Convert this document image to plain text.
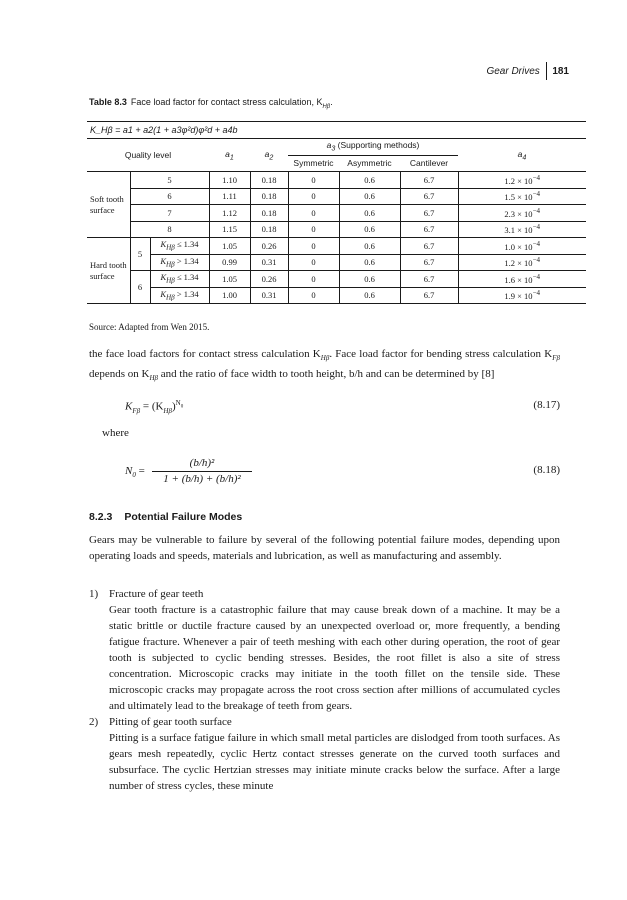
Gear Drives 181
Table 8.3 Face load factor for contact stress calculation, $K_{H\beta}$.
K_Hβ = a1 + a2(1 + a3φ²d)φ²d + a4b
Quality level			$a_1$	$a_2$	$a_3$ (Supporting methods)			$a_4$
					Symmetric	Asymmetric	Cantilever	
Soft tooth surface	5		1.10	0.18	0	0.6	6.7	$1.2 \times 10^{-4}$
	6		1.11	0.18	0	0.6	6.7	$1.5 \times 10^{-4}$
	7		1.12	0.18	0	0.6	6.7	$2.3 \times 10^{-4}$
	8		1.15	0.18	0	0.6	6.7	$3.1 \times 10^{-4}$
Hard tooth surface	5	$K_{H\beta} \le 1.34$	1.05	0.26	0	0.6	6.7	$1.0 \times 10^{-4}$
		$K_{H\beta} > 1.34$	0.99	0.31	0	0.6	6.7	$1.2 \times 10^{-4}$
	6	$K_{H\beta} \le 1.34$	1.05	0.26	0	0.6	6.7	$1.6 \times 10^{-4}$
		$K_{H\beta} > 1.34$	1.00	0.31	0	0.6	6.7	$1.9 \times 10^{-4}$
Source: Adapted from Wen 2015.
the face load factors for contact stress calculation $K_{H\beta}$. Face load factor for bending stress calculation $K_{F\beta}$ depends on $K_{H\beta}$ and the ratio of face width to tooth height, b/h and can be determined by [8]
$K_{F\beta} = (K_{H\beta})^{N_0}$	(8.17)
where
$N_0$ =
(b/h)²
1 + (b/h) + (b/h)²
(8.18)
8.2.3 Potential Failure Modes
Gears may be vulnerable to failure by several of the following potential failure modes, depending upon operating loads and speeds, materials and lubrication, as well as manufacturing and assembly.
1) Fracture of gear teeth
Gear tooth fracture is a catastrophic failure that may cause break down of a machine. It may be a static brittle or ductile fracture caused by an unexpected overload or, more frequently, a bending fatigue fracture. Whenever a pair of teeth meshing with each other during operation, the root of gear tooth is subjected to cyclic bending stresses. Besides, the root fillet is also a site of stress concentration. Microscopic cracks may initiate in the tooth fillet on the tensile side. These microscopic cracks may propagate across the root cross section after millions of accumulated cycles and ultimately lead to the breakage of teeth from gears.
2) Pitting of gear tooth surface
Pitting is a surface fatigue failure in which small metal particles are dislodged from tooth surfaces. As gears mesh repeatedly, cyclic Hertz contact stresses generate on the curved tooth surfaces and subsurface. The cyclic Hertzian stresses may initiate minute cracks below the surface. After a large number of stress cycles, these minute
